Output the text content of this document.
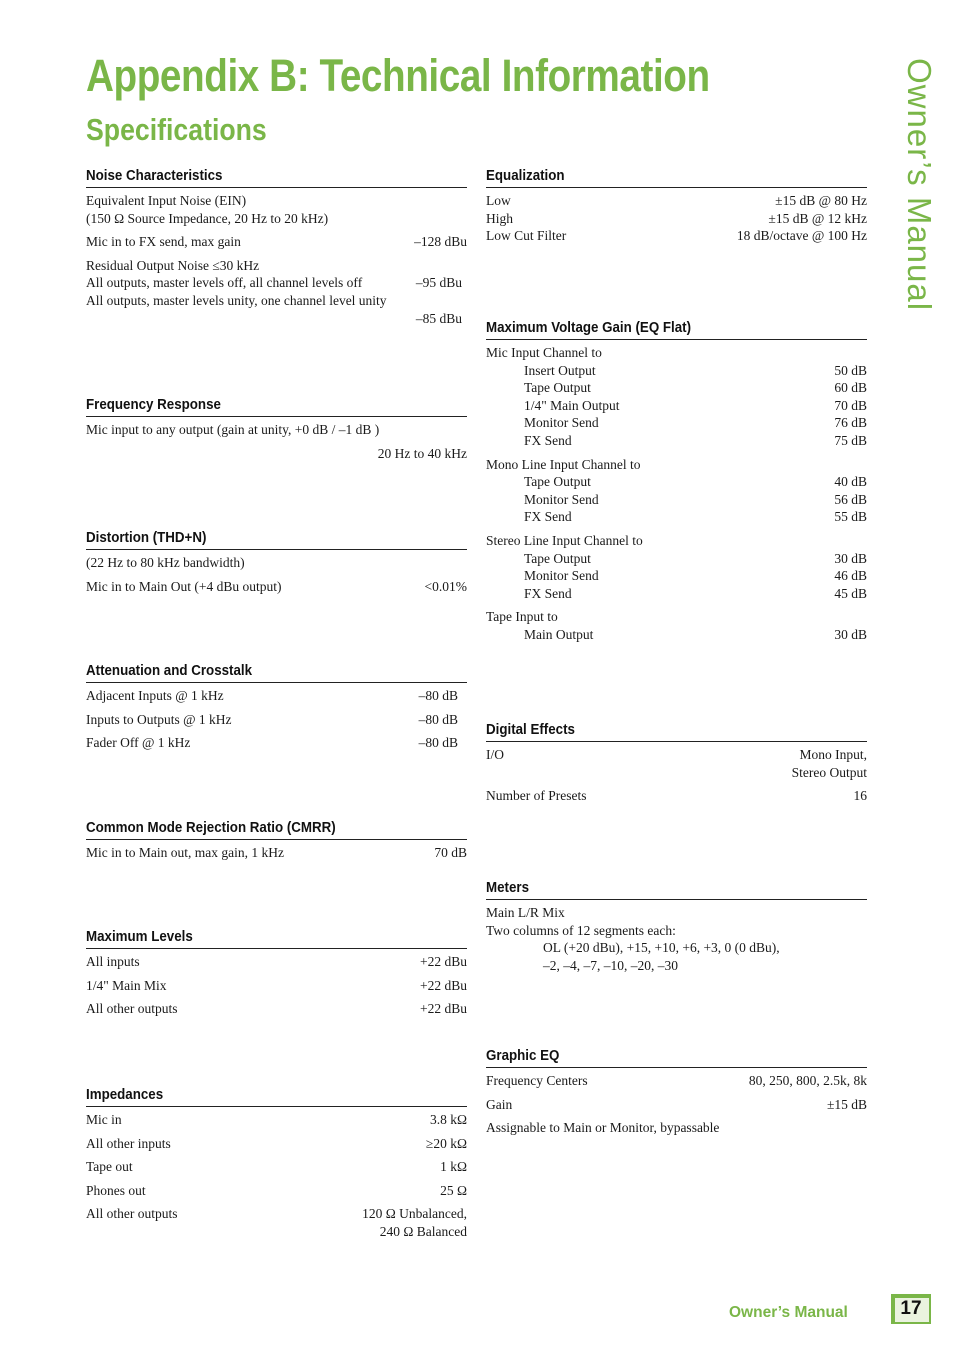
Appendix B: Technical Information
Specifications	Owner’s Manual
Noise Characteristics
Equivalent Input Noise (EIN)
(150 Ω Source Impedance, 20 Hz to 20 kHz)
Mic in to FX send, max gain	–128 dBu
Residual Output Noise ≤30 kHz
All outputs, master levels off, all channel levels off	–95 dBu
All outputs, master levels unity, one channel level unity
–85 dBu
Frequency Response
Mic input to any output (gain at unity, +0 dB / –1 dB )
20 Hz to 40 kHz
Distortion (THD+N)
(22 Hz to 80 kHz bandwidth)
Mic in to Main Out (+4 dBu output)	<0.01%
Attenuation and Crosstalk
Adjacent Inputs @ 1 kHz	–80 dB
Inputs to Outputs @ 1 kHz	–80 dB
Fader Off @ 1 kHz	–80 dB
Common Mode Rejection Ratio (CMRR)
Mic in to Main out, max gain, 1 kHz	70 dB
Maximum Levels
All inputs	+22 dBu
1/4" Main Mix	+22 dBu
All other outputs	+22 dBu
Impedances
Mic in	3.8 kΩ
All other inputs	≥20 kΩ
Tape out	1 kΩ
Phones out	25 Ω
All other outputs	120 Ω Unbalanced,
240 Ω Balanced
Equalization
Low	±15 dB @ 80 Hz
High	±15 dB @ 12 kHz
Low Cut Filter	18 dB/octave @ 100 Hz
Maximum Voltage Gain (EQ Flat)
Mic Input Channel to
Insert Output	50 dB
Tape Output	60 dB
1/4" Main Output	70 dB
Monitor Send	76 dB
FX Send	75 dB
Mono Line Input Channel to
Tape Output	40 dB
Monitor Send	56 dB
FX Send	55 dB
Stereo Line Input Channel to
Tape Output	30 dB
Monitor Send	46 dB
FX Send	45 dB
Tape Input to
Main Output	30 dB
Digital Effects
I/O	Mono Input,
Stereo Output
Number of Presets	16
Meters
Main L/R Mix
Two columns of 12 segments each:
OL (+20 dBu), +15, +10, +6, +3, 0 (0 dBu),
–2, –4, –7, –10, –20, –30
Graphic EQ
Frequency Centers	80, 250, 800, 2.5k, 8k
Gain	±15 dB
Assignable to Main or Monitor, bypassable
Owner’s Manual	17
